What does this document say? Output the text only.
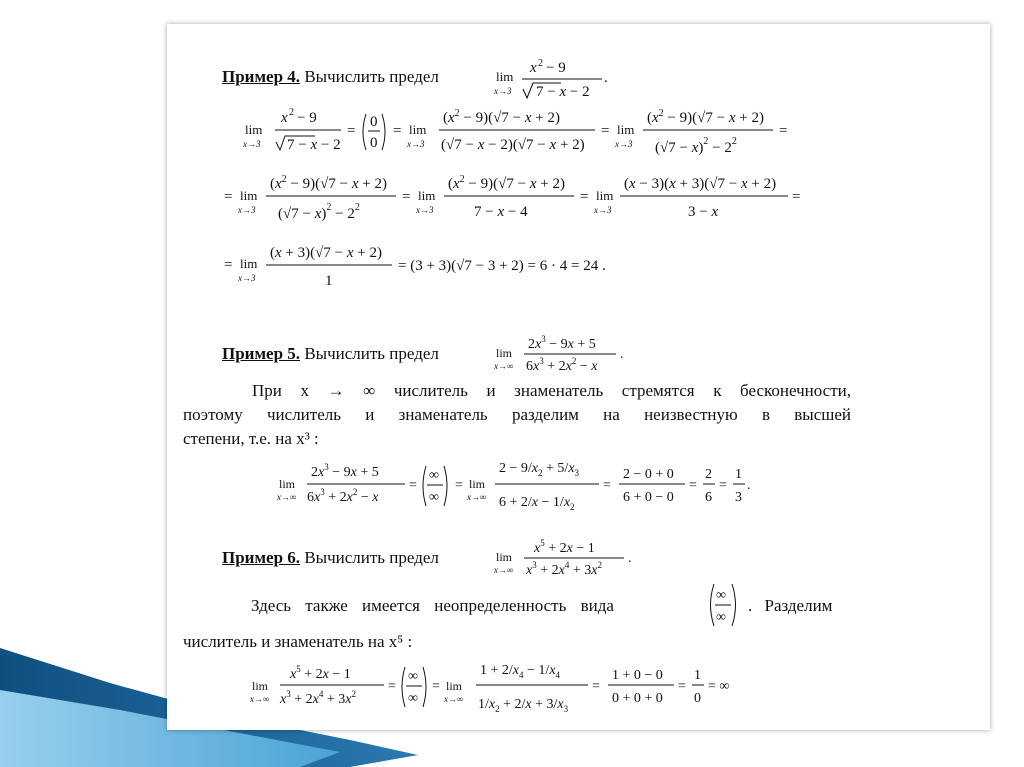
Пример 4. Вычислить предел	lim
x→3
x 2 − 9
7 − x − 2
.
lim
x→3
x 2 − 9
7 − x − 2
=
0
0
= lim
x→3
$(x^2 - 9)(√7 - x + 2)$
(√7 − x − 2)(√7 − x + 2)
= lim
x→3
$(x^2 - 9)(√7 - x + 2)$
$(√7 - x)^2 - 2^2$
=
= lim
x→3
$(x^2 - 9)(√7 - x + 2)$
$(√7 - x)^2 - 2^2$
= lim
x→3
$(x^2 - 9)(√7 - x + 2)$
7 − x − 4
= lim
x→3
(x − 3)(x + 3)(√7 − x + 2)
3 − x
=
= lim
x→3
(x + 3)(√7 − x + 2)
1
= (3 + 3)(√7 − 3 + 2) = 6 · 4 = 24 .
Пример 5. Вычислить предел	lim
x→∞
$2x^3 - 9x + 5$
$6x^3 + 2x^2 - x$
.
При x → ∞ числитель и знаменатель стремятся к бесконечности,
поэтому числитель и знаменатель разделим на неизвестную в высшей
степени, т.е. на x³ :
lim
x→∞
$2x^3 - 9x + 5$
$6x^3 + 2x^2 - x$
=
∞
∞
= lim
x→∞
$2 - 9/x_2 + 5/x_3$
$6 + 2/x - 1/x_2$
=
2 − 0 + 0
6 + 0 − 0
=
2
6
=
1
3
.
Пример 6. Вычислить предел	lim
x→∞
$x^5 + 2x - 1$
$x^3 + 2x^4 + 3x^2$ .
Здесь также имеется неопределенность вида
∞
∞
. Разделим
числитель и знаменатель на x⁵ :
lim
x→∞
$x^5 + 2x - 1$
$x^3 + 2x^4 + 3x^2$ =
∞
∞
= lim
x→∞
$1 + 2/x_4 - 1/x_4$
$1/x_2 + 2/x + 3/x_3$
=
1 + 0 − 0
0 + 0 + 0
=
1
0
= ∞
